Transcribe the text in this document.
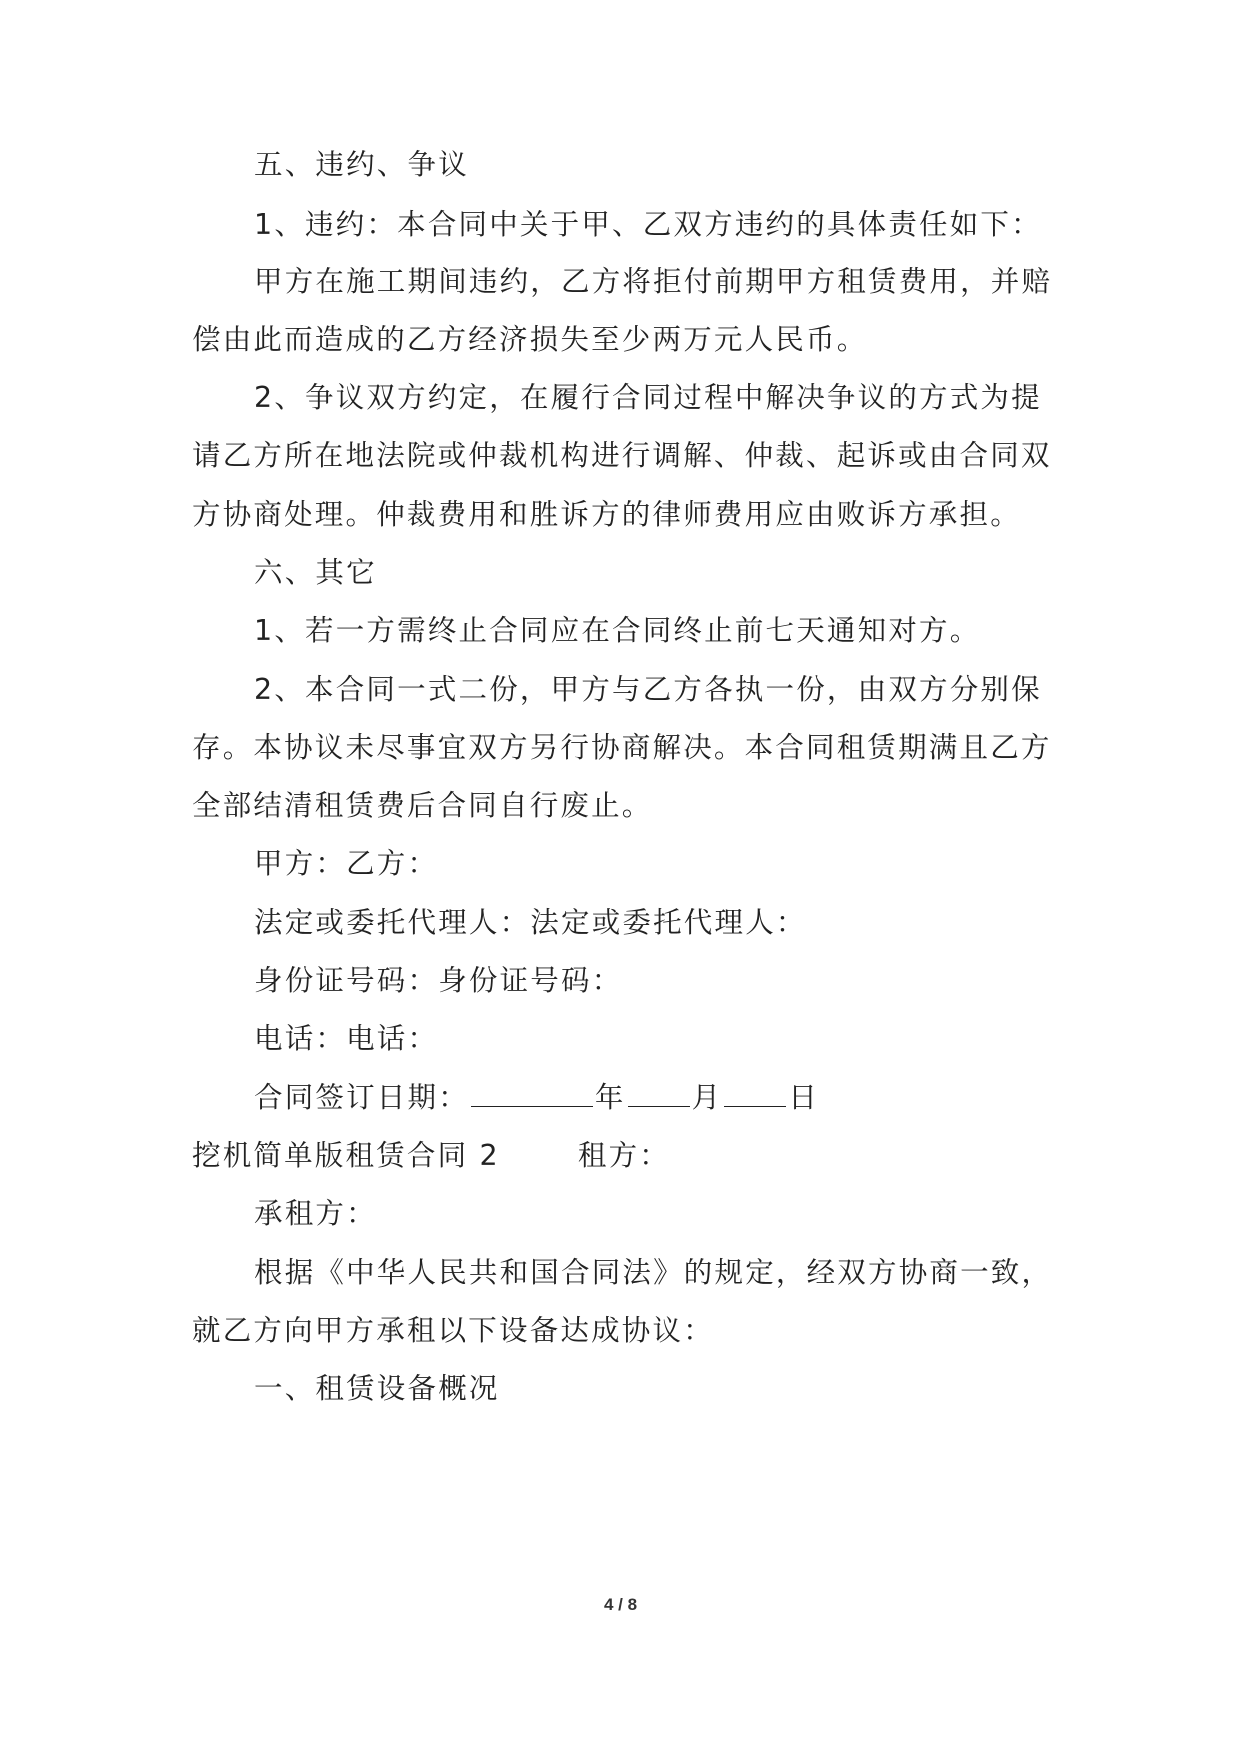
五、违约、争议
1、违约：本合同中关于甲、乙双方违约的具体责任如下：
甲方在施工期间违约，乙方将拒付前期甲方租赁费用，并赔
偿由此而造成的乙方经济损失至少两万元人民币。
2、争议双方约定，在履行合同过程中解决争议的方式为提
请乙方所在地法院或仲裁机构进行调解、仲裁、起诉或由合同双
方协商处理。仲裁费用和胜诉方的律师费用应由败诉方承担。
六、其它
1、若一方需终止合同应在合同终止前七天通知对方。
2、本合同一式二份，甲方与乙方各执一份，由双方分别保
存。本协议未尽事宜双方另行协商解决。本合同租赁期满且乙方
全部结清租赁费后合同自行废止。
甲方：乙方：
法定或委托代理人：法定或委托代理人：
身份证号码：身份证号码：
电话：电话：
合同签订日期：	年 月 日
挖机简单版租赁合同 2	租方：
承租方：
根据《中华人民共和国合同法》的规定，经双方协商一致，
就乙方向甲方承租以下设备达成协议：
一、租赁设备概况
4 / 8
